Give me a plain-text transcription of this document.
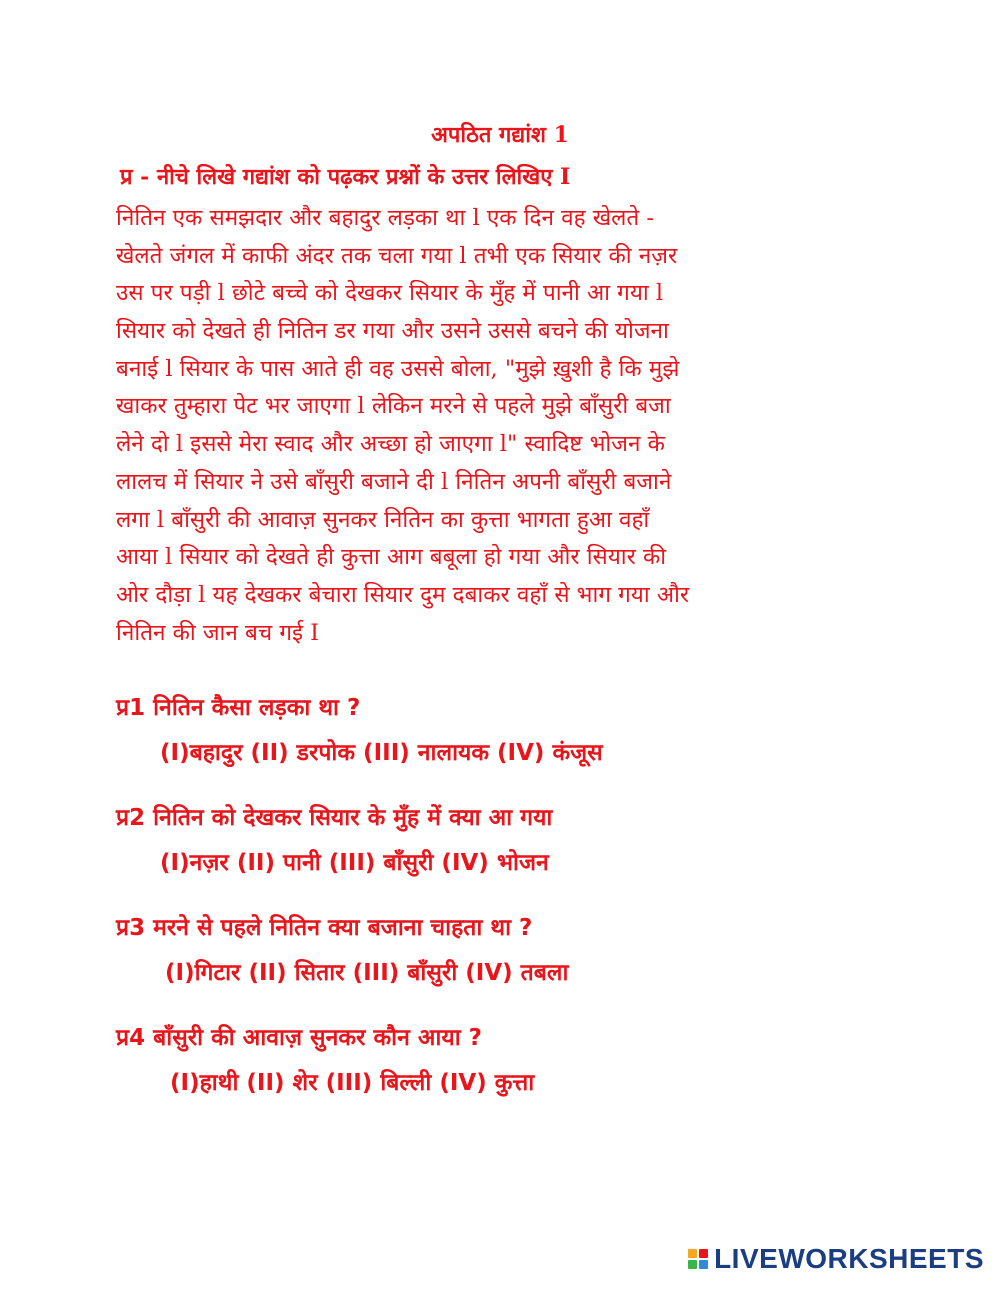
अपठित गद्यांश 1
प्र - नीचे लिखे गद्यांश को पढ़कर प्रश्नों के उत्तर लिखिए I
नितिन एक समझदार और बहादुर लड़का था l एक दिन वह खेलते -
खेलते जंगल में काफी अंदर तक चला गया l तभी एक सियार की नज़र
उस पर पड़ी l छोटे बच्चे को देखकर सियार के मुँह में पानी आ गया l
सियार को देखते ही नितिन डर गया और उसने उससे बचने की योजना
बनाई l सियार के पास आते ही वह उससे बोला, "मुझे ख़ुशी है कि मुझे
खाकर तुम्हारा पेट भर जाएगा l लेकिन मरने से पहले मुझे बाँसुरी बजा
लेने दो l इससे मेरा स्वाद और अच्छा हो जाएगा l" स्वादिष्ट भोजन के
लालच में सियार ने उसे बाँसुरी बजाने दी l नितिन अपनी बाँसुरी बजाने
लगा l बाँसुरी की आवाज़ सुनकर नितिन का कुत्ता भागता हुआ वहाँ
आया l सियार को देखते ही कुत्ता आग बबूला हो गया और सियार की
ओर दौड़ा l यह देखकर बेचारा सियार दुम दबाकर वहाँ से भाग गया और
नितिन की जान बच गई I
प्र1 नितिन कैसा लड़का था ?
(I)बहादुर (II) डरपोक (III) नालायक (IV) कंजूस
प्र2 नितिन को देखकर सियार के मुँह में क्या आ गया
(I)नज़र (II) पानी (III) बाँसुरी (IV) भोजन
प्र3 मरने से पहले नितिन क्या बजाना चाहता था ?
(I)गिटार (II) सितार (III) बाँसुरी (IV) तबला
प्र4 बाँसुरी की आवाज़ सुनकर कौन आया ?
(I)हाथी (II) शेर (III) बिल्ली (IV) कुत्ता
LIVEWORKSHEETS
